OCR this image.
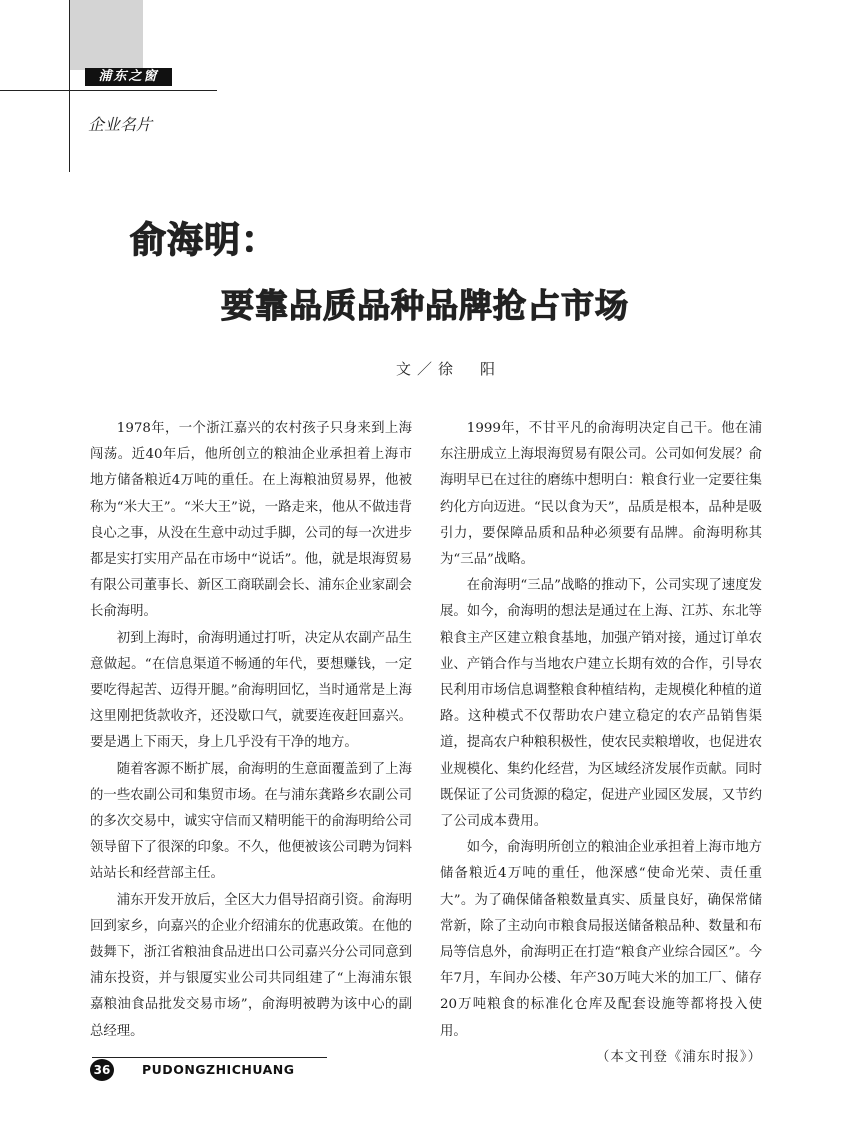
浦东之窗
企业名片
俞海明：
要靠品质品种品牌抢占市场
文／徐　阳

1978年，一个浙江嘉兴的农村孩子只身来到上海闯荡。近40年后，他所创立的粮油企业承担着上海市地方储备粮近4万吨的重任。在上海粮油贸易界，他被称为“米大王”。“米大王”说，一路走来，他从不做违背良心之事，从没在生意中动过手脚，公司的每一次进步都是实打实用产品在市场中“说话”。他，就是垠海贸易有限公司董事长、新区工商联副会长、浦东企业家副会长俞海明。

初到上海时，俞海明通过打听，决定从农副产品生意做起。“在信息渠道不畅通的年代，要想赚钱，一定要吃得起苦、迈得开腿。”俞海明回忆，当时通常是上海这里刚把货款收齐，还没歇口气，就要连夜赶回嘉兴。要是遇上下雨天，身上几乎没有干净的地方。

随着客源不断扩展，俞海明的生意面覆盖到了上海的一些农副公司和集贸市场。在与浦东龚路乡农副公司的多次交易中，诚实守信而又精明能干的俞海明给公司领导留下了很深的印象。不久，他便被该公司聘为饲料站站长和经营部主任。

浦东开发开放后，全区大力倡导招商引资。俞海明回到家乡，向嘉兴的企业介绍浦东的优惠政策。在他的鼓舞下，浙江省粮油食品进出口公司嘉兴分公司同意到浦东投资，并与银厦实业公司共同组建了“上海浦东银嘉粮油食品批发交易市场”，俞海明被聘为该中心的副总经理。

1999年，不甘平凡的俞海明决定自己干。他在浦东注册成立上海垠海贸易有限公司。公司如何发展？俞海明早已在过往的磨练中想明白：粮食行业一定要往集约化方向迈进。“民以食为天”，品质是根本，品种是吸引力，要保障品质和品种必须要有品牌。俞海明称其为“三品”战略。

在俞海明“三品”战略的推动下，公司实现了速度发展。如今，俞海明的想法是通过在上海、江苏、东北等粮食主产区建立粮食基地，加强产销对接，通过订单农业、产销合作与当地农户建立长期有效的合作，引导农民利用市场信息调整粮食种植结构，走规模化种植的道路。这种模式不仅帮助农户建立稳定的农产品销售渠道，提高农户种粮积极性，使农民卖粮增收，也促进农业规模化、集约化经营，为区域经济发展作贡献。同时既保证了公司货源的稳定，促进产业园区发展，又节约了公司成本费用。

如今，俞海明所创立的粮油企业承担着上海市地方储备粮近4万吨的重任，他深感“使命光荣、责任重大”。为了确保储备粮数量真实、质量良好，确保常储常新，除了主动向市粮食局报送储备粮品种、数量和布局等信息外，俞海明正在打造“粮食产业综合园区”。今年7月，车间办公楼、年产30万吨大米的加工厂、储存20万吨粮食的标准化仓库及配套设施等都将投入使用。

（本文刊登《浦东时报》）

36	PUDONGZHICHUANG
